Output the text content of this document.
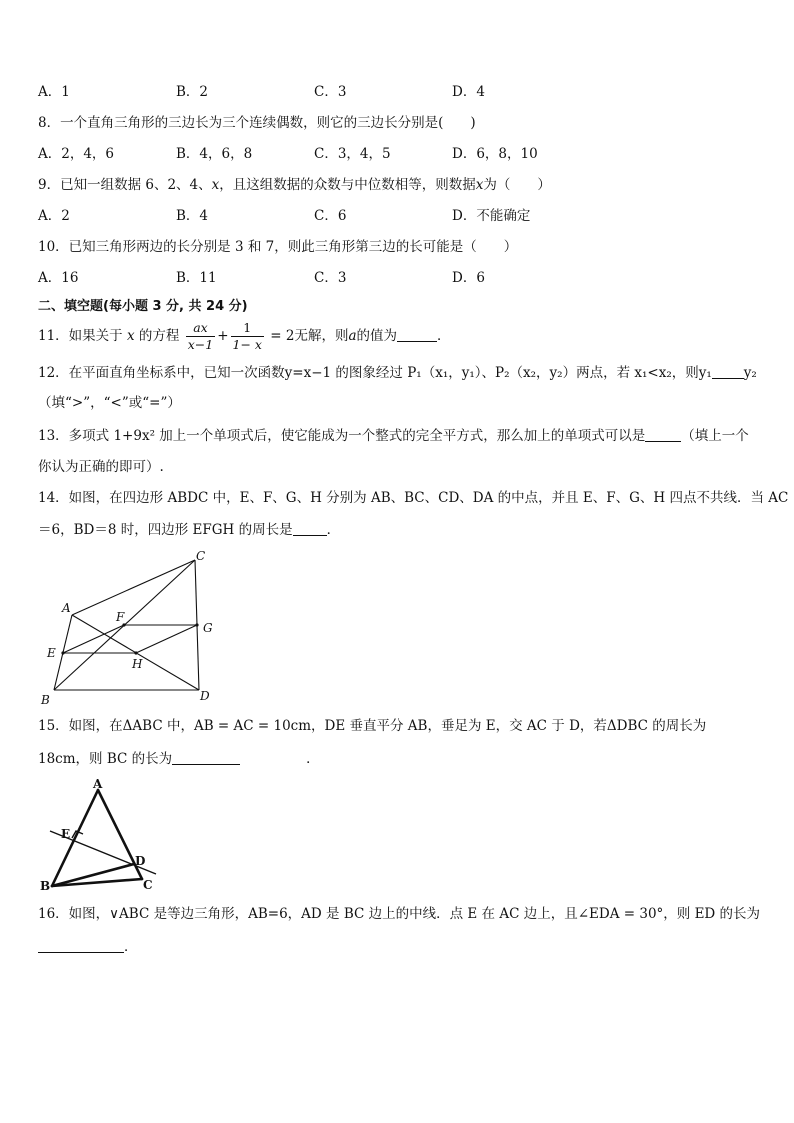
A．1	B．2	C．3	D．4
8．一个直角三角形的三边长为三个连续偶数，则它的三边长分别是(　　)
A．2，4，6	B．4，6，8	C．3，4，5	D．6，8，10
9．已知一组数据 6、2、4、x，且这组数据的众数与中位数相等，则数据x为（　　）
A．2	B．4	C．6	D．不能确定
10．已知三角形两边的长分别是 3 和 7，则此三角形第三边的长可能是（　　）
A．16	B．11	C．3	D．6
二、填空题(每小题 3 分, 共 24 分)
11．如果关于 x 的方程 $\frac{ax}{x-1} + \frac{1}{1- x} = 2$无解，则a的值为	．
12．在平面直角坐标系中，已知一次函数y=x−1 的图象经过 P₁（x₁，y₁）、P₂（x₂，y₂）两点，若 x₁<x₂，则y₁ y₂
（填“>”，“<”或“=”）
13．多项式 1+9x² 加上一个单项式后，使它能成为一个整式的完全平方式，那么加上的单项式可以是	（填上一个
你认为正确的即可）.
14．如图，在四边形 ABDC 中，E、F、G、H 分别为 AB、BC、CD、DA 的中点，并且 E、F、G、H 四点不共线．当 AC
＝6，BD＝8 时，四边形 EFGH 的周长是	．
A
B
C
D
E
F
G
H
15．如图，在ΔABC 中，AB = AC = 10cm，DE 垂直平分 AB，垂足为 E，交 AC 于 D，若ΔDBC 的周长为
18cm，则 BC 的长为	．
A
B	C
D
E
16．如图，∨ABC 是等边三角形，AB=6，AD 是 BC 边上的中线．点 E 在 AC 边上，且∠EDA = 30°，则 ED 的长为
．
